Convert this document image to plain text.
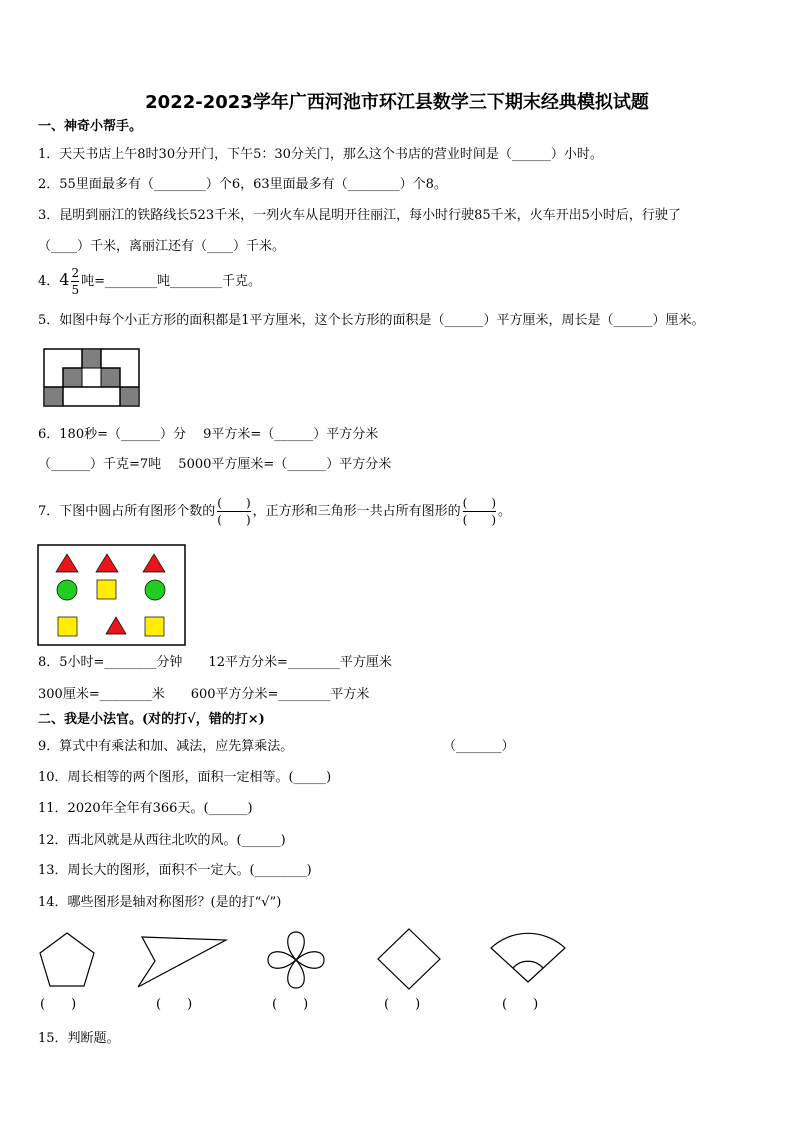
2022-2023学年广西河池市环江县数学三下期末经典模拟试题
一、神奇小帮手。
1．天天书店上午8时30分开门，下午5：30分关门，那么这个书店的营业时间是（______）小时。
2．55里面最多有（________）个6，63里面最多有（________）个8。
3．昆明到丽江的铁路线长523千米，一列火车从昆明开往丽江，每小时行驶85千米，火车开出5小时后，行驶了
（____）千米，离丽江还有（____）千米。
4．$4 \frac{2}{5}$ 吨=________吨________千克。
5．如图中每个小正方形的面积都是1平方厘米，这个长方形的面积是（______）平方厘米，周长是（______）厘米。
6．180秒=（______）分　 9平方米=（______）平方分米
（______）千克=7吨　 5000平方厘米=（______）平方分米
7．下图中圆占所有图形个数的 $\frac{( )}{( )}$ ，正方形和三角形一共占所有图形的 $\frac{( )}{( )}$ 。
8．5小时=________分钟　　12平方分米=________平方厘米
300厘米=________米　　600平方分米=________平方米
二、我是小法官。(对的打√，错的打×)
9．算式中有乘法和加、减法，应先算乘法。	（_______）
10．周长相等的两个图形，面积一定相等。(_____)
11．2020年全年有366天。(______)
12．西北风就是从西往北吹的风。(______)
13．周长大的图形，面积不一定大。(________)
14．哪些图形是轴对称图形？(是的打“√”)
(　　)	(　　)	(　　)	(　　)	(　　)
15．判断题。
